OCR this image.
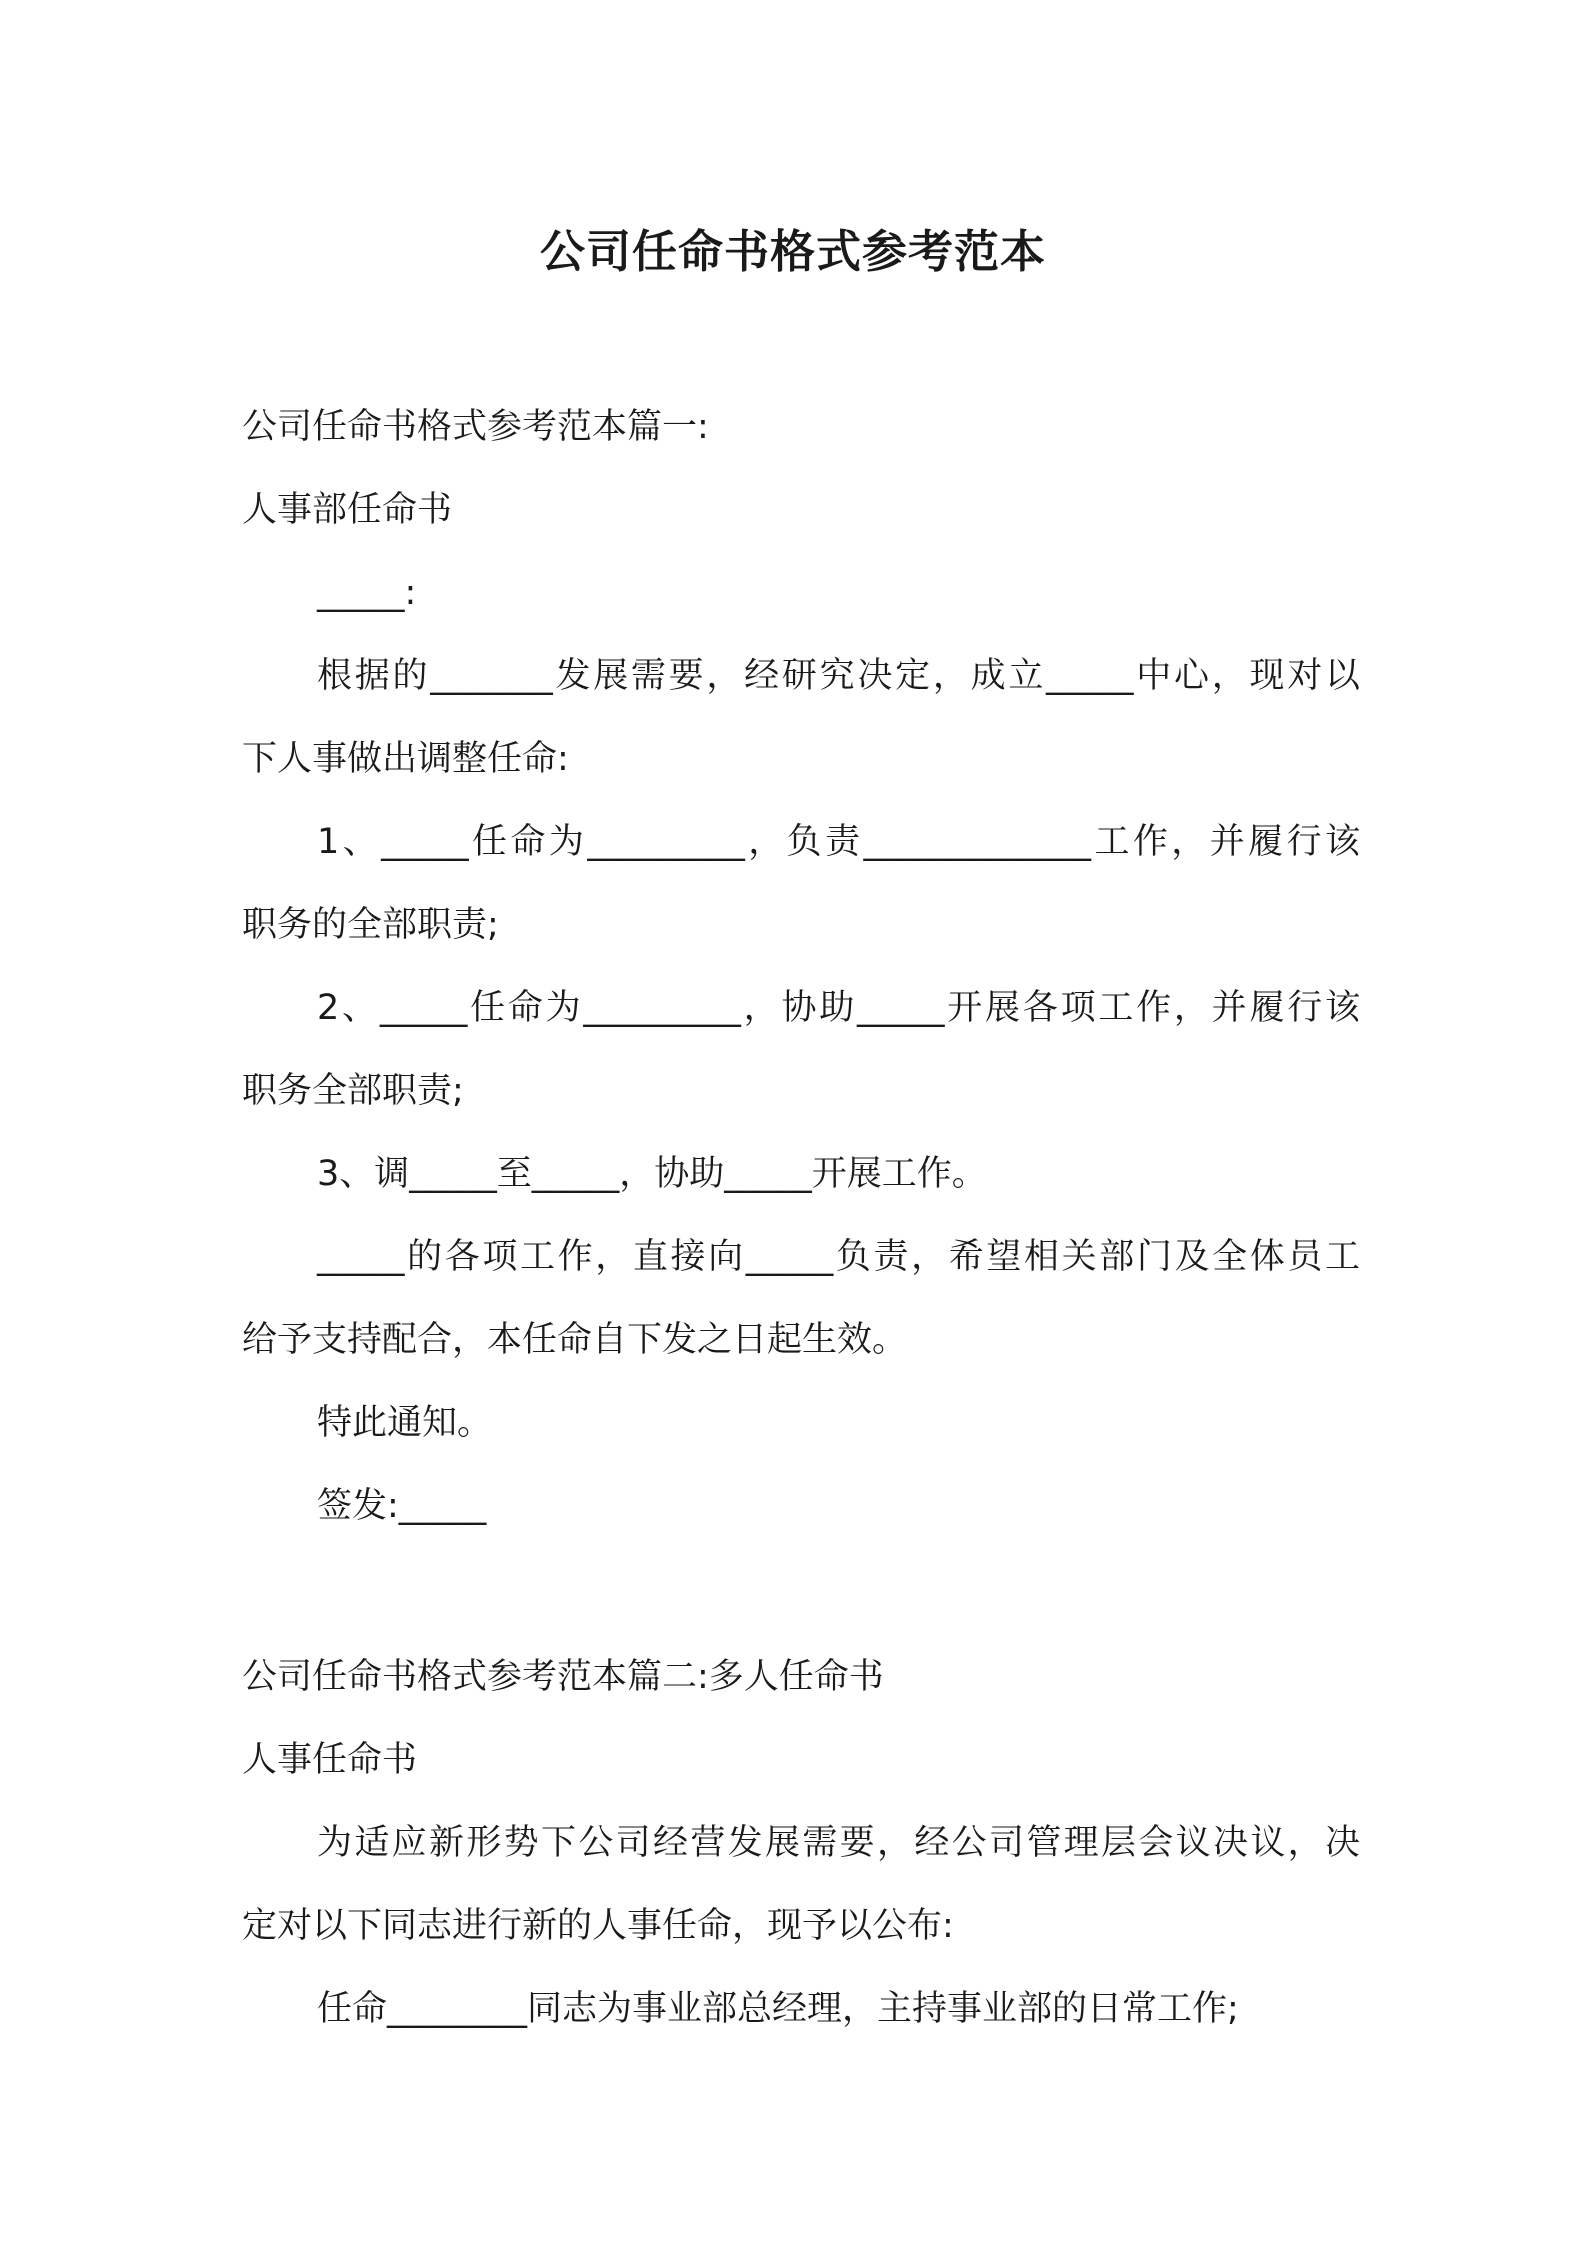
公司任命书格式参考范本

公司任命书格式参考范本篇一:

人事部任命书

_____:

根据的_______发展需要，经研究决定，成立_____中心，现对以

下人事做出调整任命:

1、_____任命为_________，负责_____________工作，并履行该

职务的全部职责;

2、_____任命为_________，协助_____开展各项工作，并履行该

职务全部职责;

3、调_____至_____，协助_____开展工作。

_____的各项工作，直接向_____负责，希望相关部门及全体员工

给予支持配合，本任命自下发之日起生效。

特此通知。

签发:_____

公司任命书格式参考范本篇二:多人任命书

人事任命书

为适应新形势下公司经营发展需要，经公司管理层会议决议，决

定对以下同志进行新的人事任命，现予以公布:

任命________同志为事业部总经理，主持事业部的日常工作;
